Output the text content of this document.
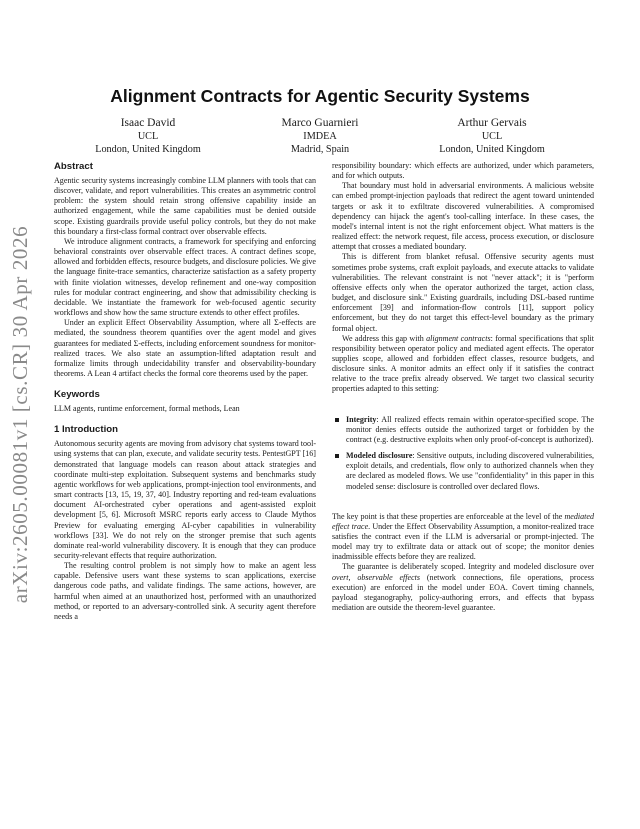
arXiv:2605.00081v1 [cs.CR] 30 Apr 2026
Alignment Contracts for Agentic Security Systems
Isaac David
UCL
London, United Kingdom
Marco Guarnieri
IMDEA
Madrid, Spain
Arthur Gervais
UCL
London, United Kingdom
Abstract

Agentic security systems increasingly combine LLM planners with tools that can discover, validate, and report vulnerabilities. This creates an asymmetric control problem: the system should retain strong offensive capability inside an authorized engagement, while the same capabilities must be denied outside scope. Existing guardrails provide useful policy controls, but they do not make this boundary a first-class formal contract over observable effects.

We introduce alignment contracts, a framework for specifying and enforcing behavioral constraints over observable effect traces. A contract defines scope, allowed and forbidden effects, resource budgets, and disclosure policies. We give the language finite-trace semantics, characterize satisfaction as a safety property with finite violation witnesses, develop refinement and one-way composition rules for modular contract engineering, and show that admissibility checking is decidable. We instantiate the framework for web-focused agentic security workflows and show how the same structure extends to other effect profiles.

Under an explicit Effect Observability Assumption, where all Σ-effects are mediated, the soundness theorem quantifies over the agent model and gives guarantees for mediated Σ-effects, including enforcement soundness for monitor-realized traces. We also state an assumption-lifted adaptation result and formalize limits through undecidability transfer and observability-boundary theorems. A Lean 4 artifact checks the formal core theorems used by the paper.

Keywords

LLM agents, runtime enforcement, formal methods, Lean

1 Introduction

Autonomous security agents are moving from advisory chat systems toward tool-using systems that can plan, execute, and validate security tests. PentestGPT [16] demonstrated that language models can reason about attack strategies and coordinate multi-step exploitation. Subsequent systems and benchmarks study agentic workflows for web applications, prompt-injection tool environments, and smart contracts [13, 15, 19, 37, 40]. Industry reporting and red-team evaluations document AI-orchestrated cyber operations and agent-assisted exploit development [5, 6]. Microsoft MSRC reports early access to Claude Mythos Preview for evaluating emerging AI-cyber capabilities in vulnerability workflows [33]. We do not rely on the stronger premise that such agents dominate real-world vulnerability discovery. It is enough that they can produce security-relevant effects that require authorization.

The resulting control problem is not simply how to make an agent less capable. Defensive users want these systems to scan applications, exercise dangerous code paths, and validate findings. The same actions, however, are harmful when aimed at an unauthorized host, performed with an unauthorized method, or reported to an adversary-controlled sink. A security agent therefore needs a

responsibility boundary: which effects are authorized, under which parameters, and for which outputs.

That boundary must hold in adversarial environments. A malicious website can embed prompt-injection payloads that redirect the agent toward unintended targets or ask it to exfiltrate discovered vulnerabilities. A compromised dependency can hijack the agent's tool-calling interface. In these cases, the model's internal intent is not the right enforcement object. What matters is the realized effect: the network request, file access, process execution, or disclosure attempt that crosses a mediated boundary.

This is different from blanket refusal. Offensive security agents must sometimes probe systems, craft exploit payloads, and execute attacks to validate vulnerabilities. The relevant constraint is not "never attack"; it is "perform offensive effects only when the operator authorized the target, action class, budget, and disclosure sink." Existing guardrails, including DSL-based runtime enforcement [39] and information-flow controls [11], support policy enforcement, but they do not target this effect-level boundary as the primary formal object.

We address this gap with alignment contracts: formal specifications that split responsibility between operator policy and mediated agent effects. The operator supplies scope, allowed and forbidden effect classes, resource budgets, and disclosure sinks. A monitor admits an effect only if it satisfies the contract relative to the trace prefix already observed. We target two classical security properties adapted to this setting:

Integrity: All realized effects remain within operator-specified scope. The monitor denies effects outside the authorized target or forbidden by the contract (e.g. destructive exploits when only proof-of-concept is authorized).
Modeled disclosure: Sensitive outputs, including discovered vulnerabilities, exploit details, and credentials, flow only to authorized channels when they are declared as modeled flows. We use "confidentiality" in this paper in this modeled sense: disclosure is controlled over declared flows.

The key point is that these properties are enforceable at the level of the mediated effect trace. Under the Effect Observability Assumption, a monitor-realized trace satisfies the contract even if the LLM is adversarial or prompt-injected. The model may try to exfiltrate data or attack out of scope; the monitor denies inadmissible effects before they are realized.

The guarantee is deliberately scoped. Integrity and modeled disclosure over overt, observable effects (network connections, file operations, process execution) are enforced in the model under EOA. Covert timing channels, payload steganography, policy-authoring errors, and effects that bypass mediation are outside the theorem-level guarantee.
